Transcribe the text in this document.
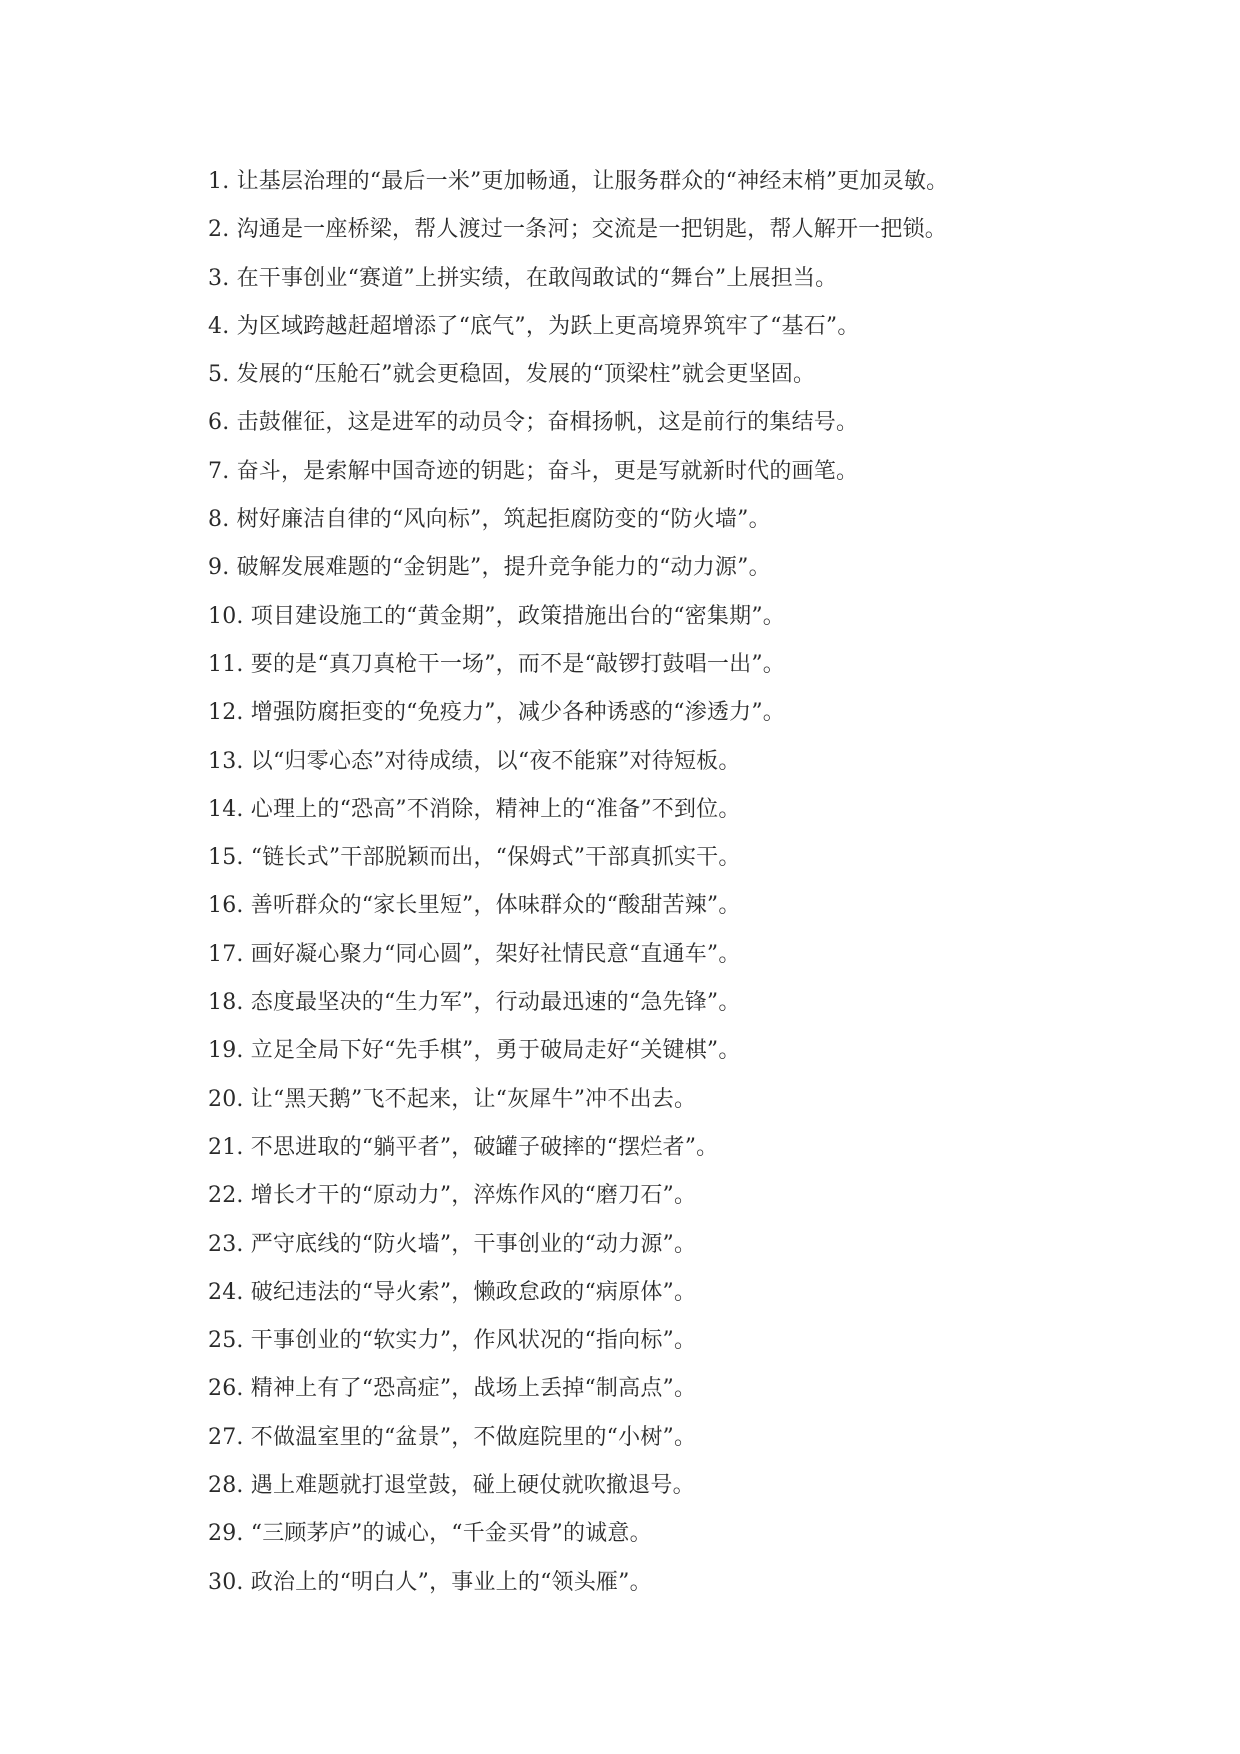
1. 让基层治理的“最后一米”更加畅通，让服务群众的“神经末梢”更加灵敏。
2. 沟通是一座桥梁，帮人渡过一条河；交流是一把钥匙，帮人解开一把锁。
3. 在干事创业“赛道”上拼实绩，在敢闯敢试的“舞台”上展担当。
4. 为区域跨越赶超增添了“底气”，为跃上更高境界筑牢了“基石”。
5. 发展的“压舱石”就会更稳固，发展的“顶梁柱”就会更坚固。
6. 击鼓催征，这是进军的动员令；奋楫扬帆，这是前行的集结号。
7. 奋斗，是索解中国奇迹的钥匙；奋斗，更是写就新时代的画笔。
8. 树好廉洁自律的“风向标”，筑起拒腐防变的“防火墙”。
9. 破解发展难题的“金钥匙”，提升竞争能力的“动力源”。
10. 项目建设施工的“黄金期”，政策措施出台的“密集期”。
11. 要的是“真刀真枪干一场”，而不是“敲锣打鼓唱一出”。
12. 增强防腐拒变的“免疫力”，减少各种诱惑的“渗透力”。
13. 以“归零心态”对待成绩，以“夜不能寐”对待短板。
14. 心理上的“恐高”不消除，精神上的“准备”不到位。
15. “链长式”干部脱颖而出，“保姆式”干部真抓实干。
16. 善听群众的“家长里短”，体味群众的“酸甜苦辣”。
17. 画好凝心聚力“同心圆”，架好社情民意“直通车”。
18. 态度最坚决的“生力军”，行动最迅速的“急先锋”。
19. 立足全局下好“先手棋”，勇于破局走好“关键棋”。
20. 让“黑天鹅”飞不起来，让“灰犀牛”冲不出去。
21. 不思进取的“躺平者”，破罐子破摔的“摆烂者”。
22. 增长才干的“原动力”，淬炼作风的“磨刀石”。
23. 严守底线的“防火墙”，干事创业的“动力源”。
24. 破纪违法的“导火索”，懒政怠政的“病原体”。
25. 干事创业的“软实力”，作风状况的“指向标”。
26. 精神上有了“恐高症”，战场上丢掉“制高点”。
27. 不做温室里的“盆景”，不做庭院里的“小树”。
28. 遇上难题就打退堂鼓，碰上硬仗就吹撤退号。
29. “三顾茅庐”的诚心，“千金买骨”的诚意。
30. 政治上的“明白人”，事业上的“领头雁”。
